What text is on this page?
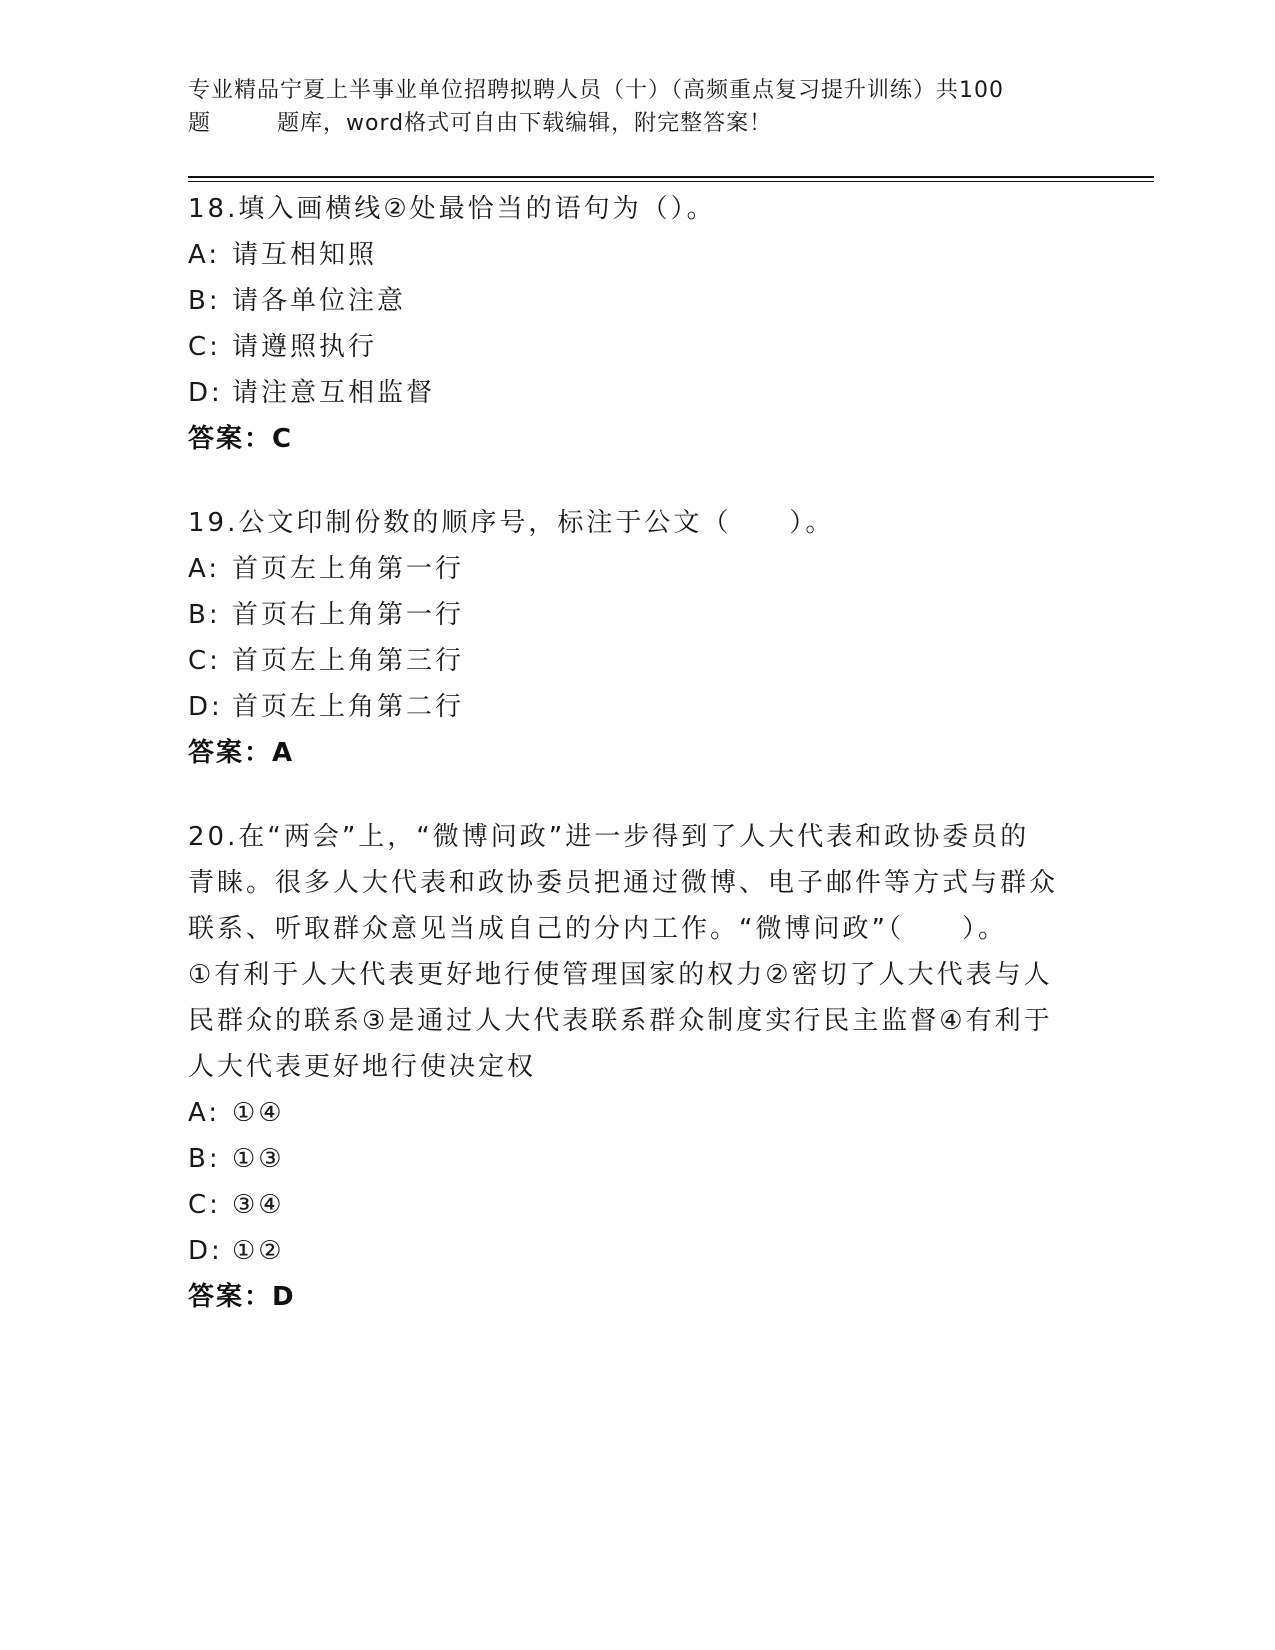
专业精品宁夏上半事业单位招聘拟聘人员（十）（高频重点复习提升训练）共100
题	题库，word格式可自由下载编辑，附完整答案！
18.填入画横线②处最恰当的语句为（）。
A: 请互相知照
B: 请各单位注意
C: 请遵照执行
D: 请注意互相监督
答案：C
19.公文印制份数的顺序号，标注于公文（　　）。
A: 首页左上角第一行
B: 首页右上角第一行
C: 首页左上角第三行
D: 首页左上角第二行
答案：A
20.在“两会”上，“微博问政”进一步得到了人大代表和政协委员的
青睐。很多人大代表和政协委员把通过微博、电子邮件等方式与群众
联系、听取群众意见当成自己的分内工作。“微博问政”（　　）。
①有利于人大代表更好地行使管理国家的权力②密切了人大代表与人
民群众的联系③是通过人大代表联系群众制度实行民主监督④有利于
人大代表更好地行使决定权
A: ①④
B: ①③
C: ③④
D: ①②
答案：D
